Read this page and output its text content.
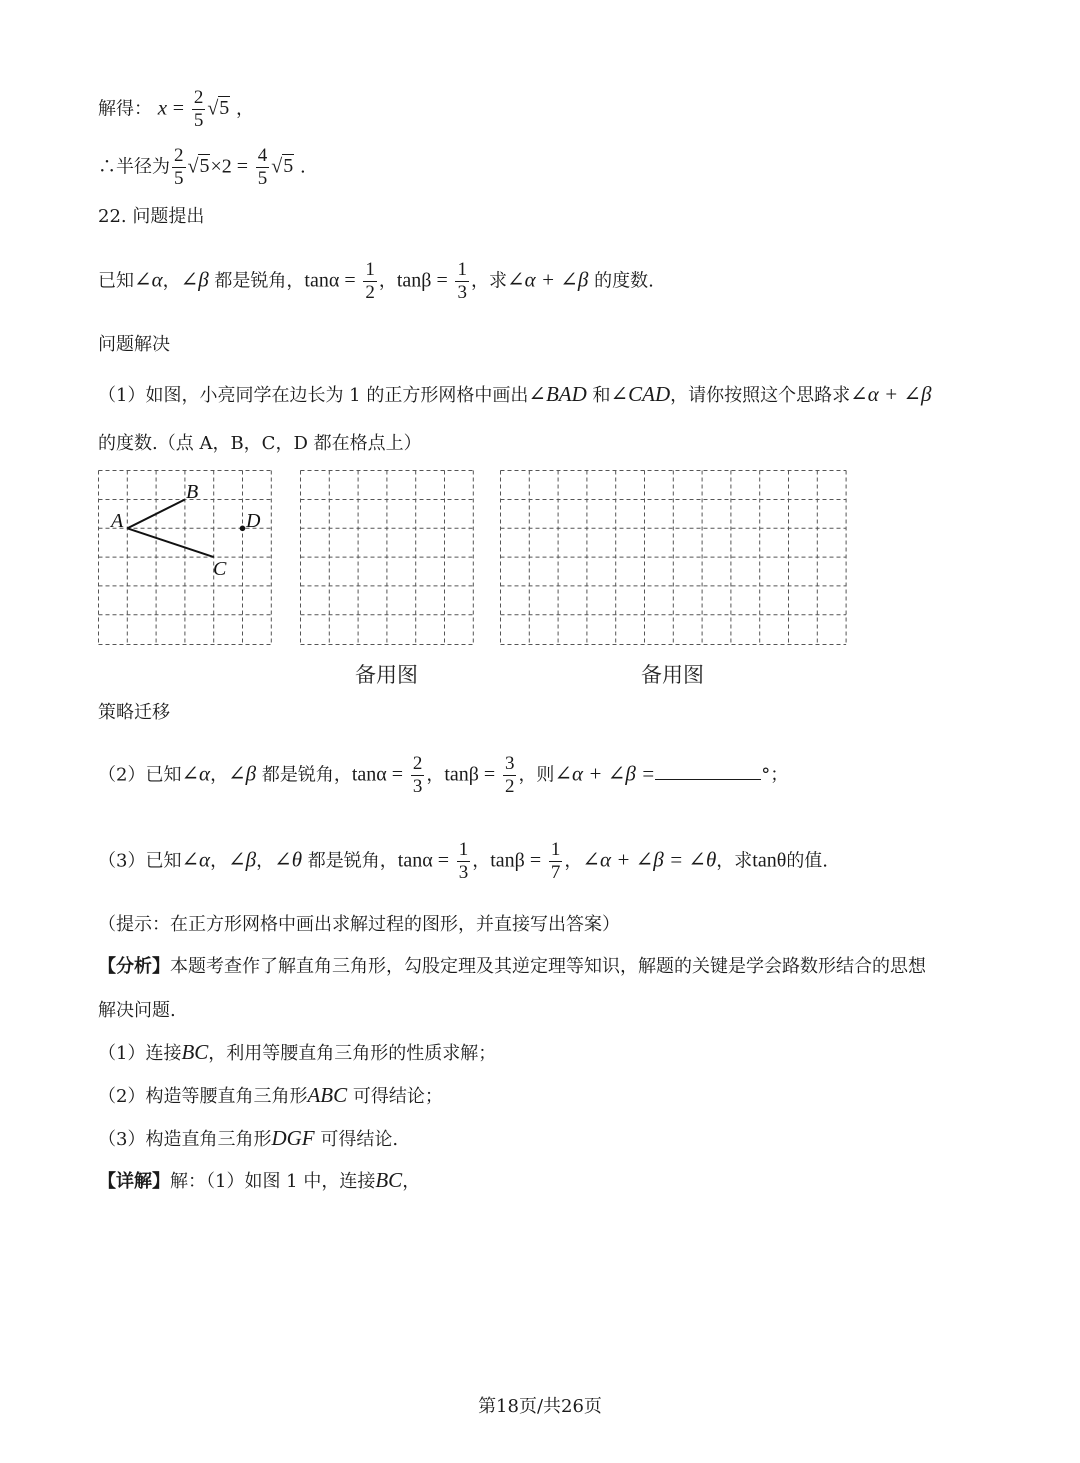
解得： $x = \frac{2}{5} √5$ ，
∴半径为 $\frac{2}{5} √5\times 2 = \frac{4}{5} √5$ .
22. 问题提出
已知∠α，∠β 都是锐角，$\tan\alpha = \frac{1}{2}$ ，$\tan\beta = \frac{1}{3}$ ，求∠α + ∠β 的度数.
问题解决
（1）如图，小亮同学在边长为 1 的正方形网格中画出∠BAD 和∠CAD，请你按照这个思路求∠α + ∠β
的度数.（点 A，B，C，D 都在格点上）
A
B
C
D
备用图	备用图
策略迁移
（2）已知∠α，∠β 都是锐角，$\tan\alpha = \frac{2}{3}$ ，$\tan\beta = \frac{3}{2}$ ，则∠α + ∠β =	°；
（3）已知∠α，∠β，∠θ 都是锐角，$\tan\alpha = \frac{1}{3}$ ，$\tan\beta = \frac{1}{7}$ ，∠α + ∠β = ∠θ，求tanθ的值.
（提示：在正方形网格中画出求解过程的图形，并直接写出答案）
【分析】本题考查作了解直角三角形，勾股定理及其逆定理等知识，解题的关键是学会路数形结合的思想
解决问题.
（1）连接BC，利用等腰直角三角形的性质求解；
（2）构造等腰直角三角形ABC 可得结论；
（3）构造直角三角形DGF 可得结论.
【详解】解：（1）如图 1 中，连接BC，
第18页/共26页
